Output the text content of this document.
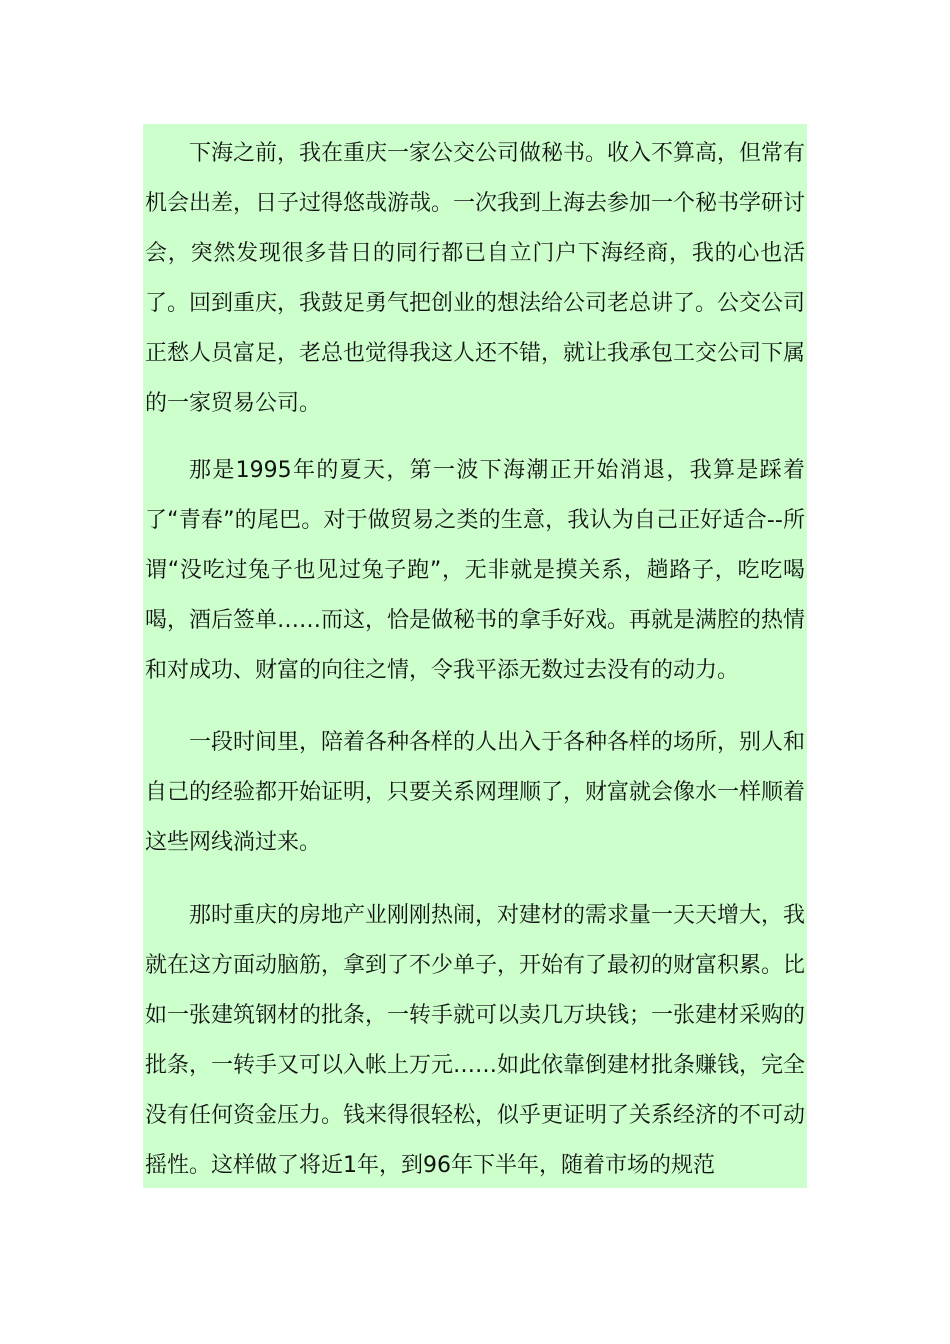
下海之前，我在重庆一家公交公司做秘书。收入不算高，但常有机会出差，日子过得悠哉游哉。一次我到上海去参加一个秘书学研讨会，突然发现很多昔日的同行都已自立门户下海经商，我的心也活了。回到重庆，我鼓足勇气把创业的想法给公司老总讲了。公交公司正愁人员富足，老总也觉得我这人还不错，就让我承包工交公司下属的一家贸易公司。

那是1995年的夏天，第一波下海潮正开始消退，我算是踩着了“青春”的尾巴。对于做贸易之类的生意，我认为自己正好适合--所谓“没吃过兔子也见过兔子跑”，无非就是摸关系，趟路子，吃吃喝喝，酒后签单……而这，恰是做秘书的拿手好戏。再就是满腔的热情和对成功、财富的向往之情，令我平添无数过去没有的动力。

一段时间里，陪着各种各样的人出入于各种各样的场所，别人和自己的经验都开始证明，只要关系网理顺了，财富就会像水一样顺着这些网线淌过来。

那时重庆的房地产业刚刚热闹，对建材的需求量一天天增大，我就在这方面动脑筋，拿到了不少单子，开始有了最初的财富积累。比如一张建筑钢材的批条，一转手就可以卖几万块钱；一张建材采购的批条，一转手又可以入帐上万元……如此依靠倒建材批条赚钱，完全没有任何资金压力。钱来得很轻松，似乎更证明了关系经济的不可动摇性。这样做了将近1年，到96年下半年，随着市场的规范
